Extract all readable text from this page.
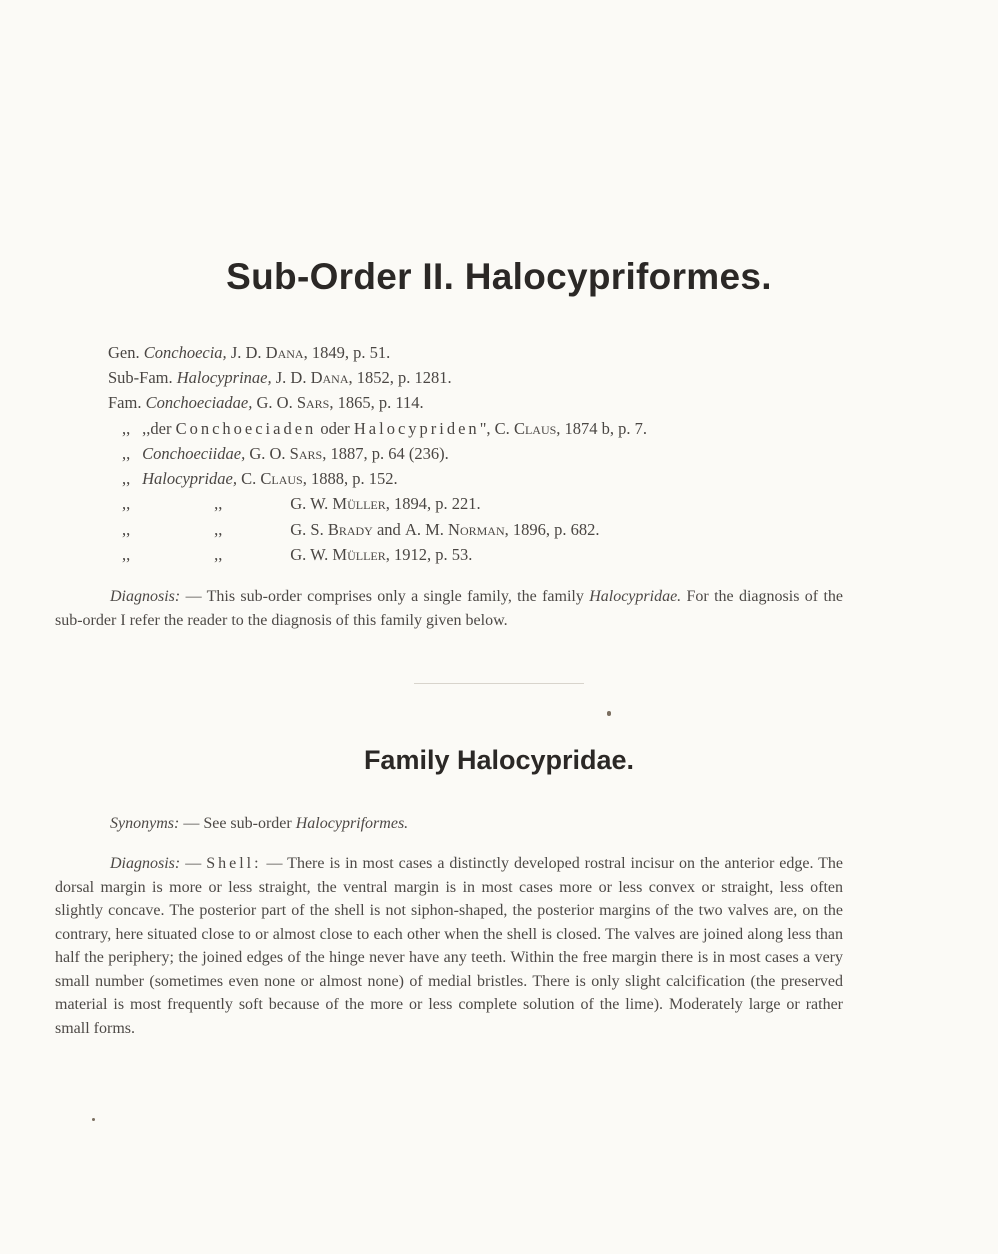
Sub-Order II. Halocypriformes.
Gen. Conchoecia, J. D. Dana, 1849, p. 51.
Sub-Fam. Halocyprinae, J. D. Dana, 1852, p. 1281.
Fam. Conchoeciadae, G. O. Sars, 1865, p. 114.
,, ,,der Conchoeciaden oder Halocypriden", C. Claus, 1874 b, p. 7.
,, Conchoeciidae, G. O. Sars, 1887, p. 64 (236).
,, Halocypridae, C. Claus, 1888, p. 152.
,,	,,	G. W. Müller, 1894, p. 221.
,,	,,	G. S. Brady and A. M. Norman, 1896, p. 682.
,,	,,	G. W. Müller, 1912, p. 53.

Diagnosis: — This sub-order comprises only a single family, the family Halocypridae. For the diagnosis of the sub-order I refer the reader to the diagnosis of this family given below.

Family Halocypridae.

Synonyms: — See sub-order Halocypriformes.

Diagnosis: — Shell: — There is in most cases a distinctly developed rostral incisur on the anterior edge. The dorsal margin is more or less straight, the ventral margin is in most cases more or less convex or straight, less often slightly concave. The posterior part of the shell is not siphon-shaped, the posterior margins of the two valves are, on the contrary, here situated close to or almost close to each other when the shell is closed. The valves are joined along less than half the periphery; the joined edges of the hinge never have any teeth. Within the free margin there is in most cases a very small number (sometimes even none or almost none) of medial bristles. There is only slight calcification (the preserved material is most frequently soft because of the more or less complete solution of the lime). Moderately large or rather small forms.
